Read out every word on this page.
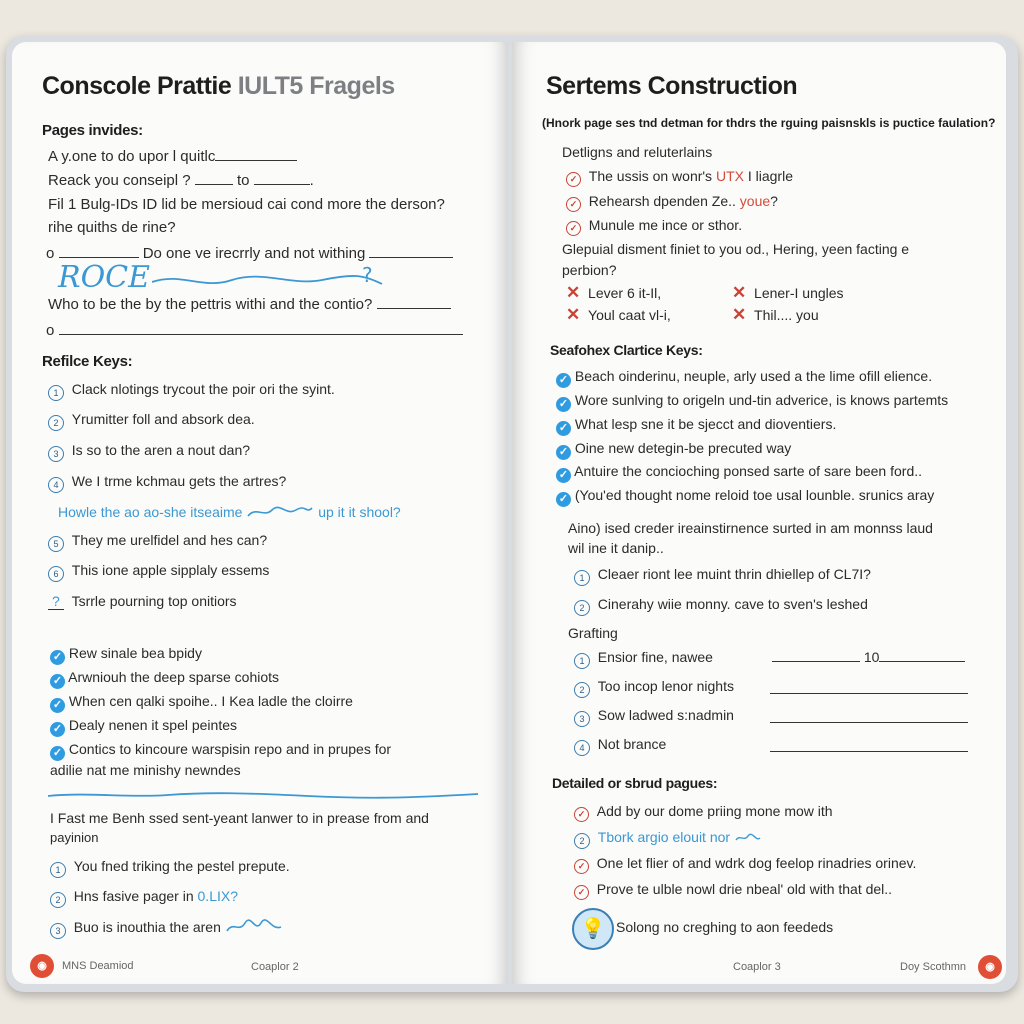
Conscole Prattie IULT5 Fragels
Pages invides:
A y.one to do upor l quitlc
Reack you conseipl ?	to	.
Fil 1 Bulg-IDs ID lid be mersioud cai cond more the derson?
rihe quiths de rine?
o	Do one ve irecrrly and not withing
ROCE	?
Who to be the by the pettris withi and the contio?
o
Refilce Keys:
1 Clack nlotings trycout the poir ori the syint.
2 Yrumitter foll and absork dea.
3 Is so to the aren a nout dan?
4 We I trme kchmau gets the artres?
Howle the ao ao-she itseaime	up it it shool?
5 They me urelfidel and hes can?
6 This ione apple sipplaly essems
? Tsrrle pourning top onitiors
✓ Rew sinale bea bpidy
✓ Arwniouh the deep sparse cohiots
✓ When cen qalki spoihe.. I Kea ladle the cloirre
✓ Dealy nenen it spel peintes
✓ Contics to kincoure warspisin repo and in prupes for
adilie nat me minishy newndes
I Fast me Benh ssed sent-yeant lanwer to in prease from and
payinion
1 You fned triking the pestel prepute.
2 Hns fasive pager in 0.LIX?
3 Buo is inouthia the aren
◉	MNS Deamiod	Coaplor 2
Sertems Construction
(Hnork page ses tnd detman for thdrs the rguing paisnskls is puctice faulation?
Detligns and reluterlains
✓ The ussis on wonr's UTX I liagrle
✓ Rehearsh dpenden Ze.. youe?
✓ Munule me ince or sthor.
Glepuial disment finiet to you od., Hering, yeen facting e
perbion?
✕ Lever 6 it-Il,	✕ Lener-I ungles
✕ Youl caat vl-i,	✕ Thil.... you
Seafohex Clartice Keys:
✓ Beach oinderinu, neuple, arly used a the lime ofill elience.
✓ Wore sunlving to origeln und-tin adverice, is knows partemts
✓ What lesp sne it be sjecct and dioventiers.
✓ Oine new detegin-be precuted way
✓ Antuire the concioching ponsed sarte of sare been ford..
✓ (You'ed thought nome reloid toe usal lounble. srunics aray
Aino) ised creder ireainstirnence surted in am monnss laud
wil ine it danip..
1 Cleaer riont lee muint thrin dhiellep of CL7I?
2 Cinerahy wiie monny. cave to sven's leshed
Grafting
1 Ensior fine, nawee	10
2 Too incop lenor nights
3 Sow ladwed s:nadmin
4 Not brance
Detailed or sbrud pagues:
✓ Add by our dome priing mone mow ith
2 Tbork argio elouit nor
✓ One let flier of and wdrk dog feelop rinadries orinev.
✓ Prove te ulble nowl drie nbeal' old with that del..
💡 Solong no creghing to aon feededs
Coaplor 3	Doy Scothmn	◉
